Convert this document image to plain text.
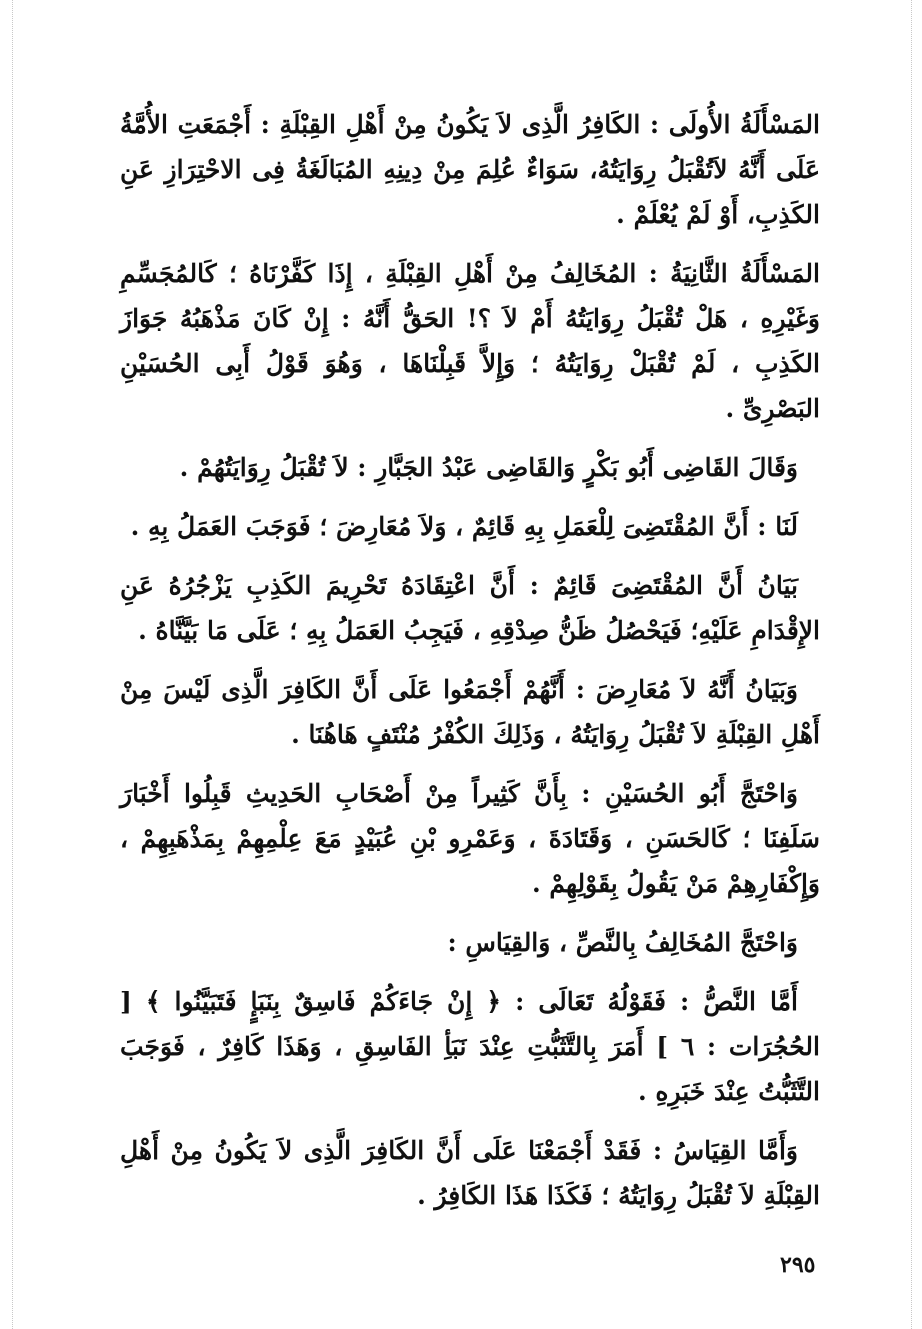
المَسْأَلَةُ الأُولَى : الكَافِرُ الَّذِى لاَ يَكُونُ مِنْ أَهْلِ القِبْلَةِ : أَجْمَعَتِ الأُمَّةُ عَلَى أَنَّهُ لاَتُقْبَلُ رِوَايَتُهُ، سَوَاءٌ عُلِمَ مِنْ دِينِهِ المُبَالَغَةُ فِى الاحْتِرَازِ عَنِ الكَذِبِ، أَوْ لَمْ يُعْلَمْ .
المَسْأَلَةُ الثَّانِيَةُ : المُخَالِفُ مِنْ أَهْلِ القِبْلَةِ ، إِذَا كَفَّرْنَاهُ ؛ كَالمُجَسِّمِ وَغَيْرِهِ ، هَلْ تُقْبَلُ رِوَايَتُهُ أَمْ لاَ ؟! الحَقُّ أَنَّهُ : إِنْ كَانَ مَذْهَبُهُ جَوَازَ الكَذِبِ ، لَمْ تُقْبَلْ رِوَايَتُهُ ؛ وَإِلاَّ قَبِلْنَاهَا ، وَهُوَ قَوْلُ أَبِى الحُسَيْنِ البَصْرِىِّ .
وَقَالَ القَاضِى أَبُو بَكْرٍ وَالقَاضِى عَبْدُ الجَبَّارِ : لاَ تُقْبَلُ رِوَايَتُهُمْ .
لَنَا : أَنَّ المُقْتَضِىَ لِلْعَمَلِ بِهِ قَائِمٌ ، وَلاَ مُعَارِضَ ؛ فَوَجَبَ العَمَلُ بِهِ .
بَيَانُ أَنَّ المُقْتَضِىَ قَائِمٌ : أَنَّ اعْتِقَادَهُ تَحْرِيمَ الكَذِبِ يَزْجُرُهُ عَنِ الإِقْدَامِ عَلَيْهِ؛ فَيَحْصُلُ ظَنُّ صِدْقِهِ ، فَيَجِبُ العَمَلُ بِهِ ؛ عَلَى مَا بَيَّنَّاهُ .
وَبَيَانُ أَنَّهُ لاَ مُعَارِضَ : أَنَّهُمْ أَجْمَعُوا عَلَى أَنَّ الكَافِرَ الَّذِى لَيْسَ مِنْ أَهْلِ القِبْلَةِ لاَ تُقْبَلُ رِوَايَتُهُ ، وَذَلِكَ الكُفْرُ مُنْتَفٍ هَاهُنَا .
وَاحْتَجَّ أَبُو الحُسَيْنِ : بِأَنَّ كَثِيراً مِنْ أَصْحَابِ الحَدِيثِ قَبِلُوا أَخْبَارَ سَلَفِنَا ؛ كَالحَسَنِ ، وَقَتَادَةَ ، وَعَمْرِو بْنِ عُبَيْدٍ مَعَ عِلْمِهِمْ بِمَذْهَبِهِمْ ، وَإِكْفَارِهِمْ مَنْ يَقُولُ بِقَوْلِهِمْ .
وَاحْتَجَّ المُخَالِفُ بِالنَّصِّ ، وَالقِيَاسِ :
أَمَّا النَّصُّ : فَقَوْلُهُ تَعَالَى : ﴿ إِنْ جَاءَكُمْ فَاسِقٌ بِنَبَإٍ فَتَبَيَّنُوا ﴾ [ الحُجُرَات : ٦ ] أَمَرَ بِالتَّثَبُّتِ عِنْدَ نَبَأِ الفَاسِقِ ، وَهَذَا كَافِرٌ ، فَوَجَبَ التَّثَبُّتُ عِنْدَ خَبَرِهِ .
وَأَمَّا القِيَاسُ : فَقَدْ أَجْمَعْنَا عَلَى أَنَّ الكَافِرَ الَّذِى لاَ يَكُونُ مِنْ أَهْلِ القِبْلَةِ لاَ تُقْبَلُ رِوَايَتُهُ ؛ فَكَذَا هَذَا الكَافِرُ .
٢٩٥
